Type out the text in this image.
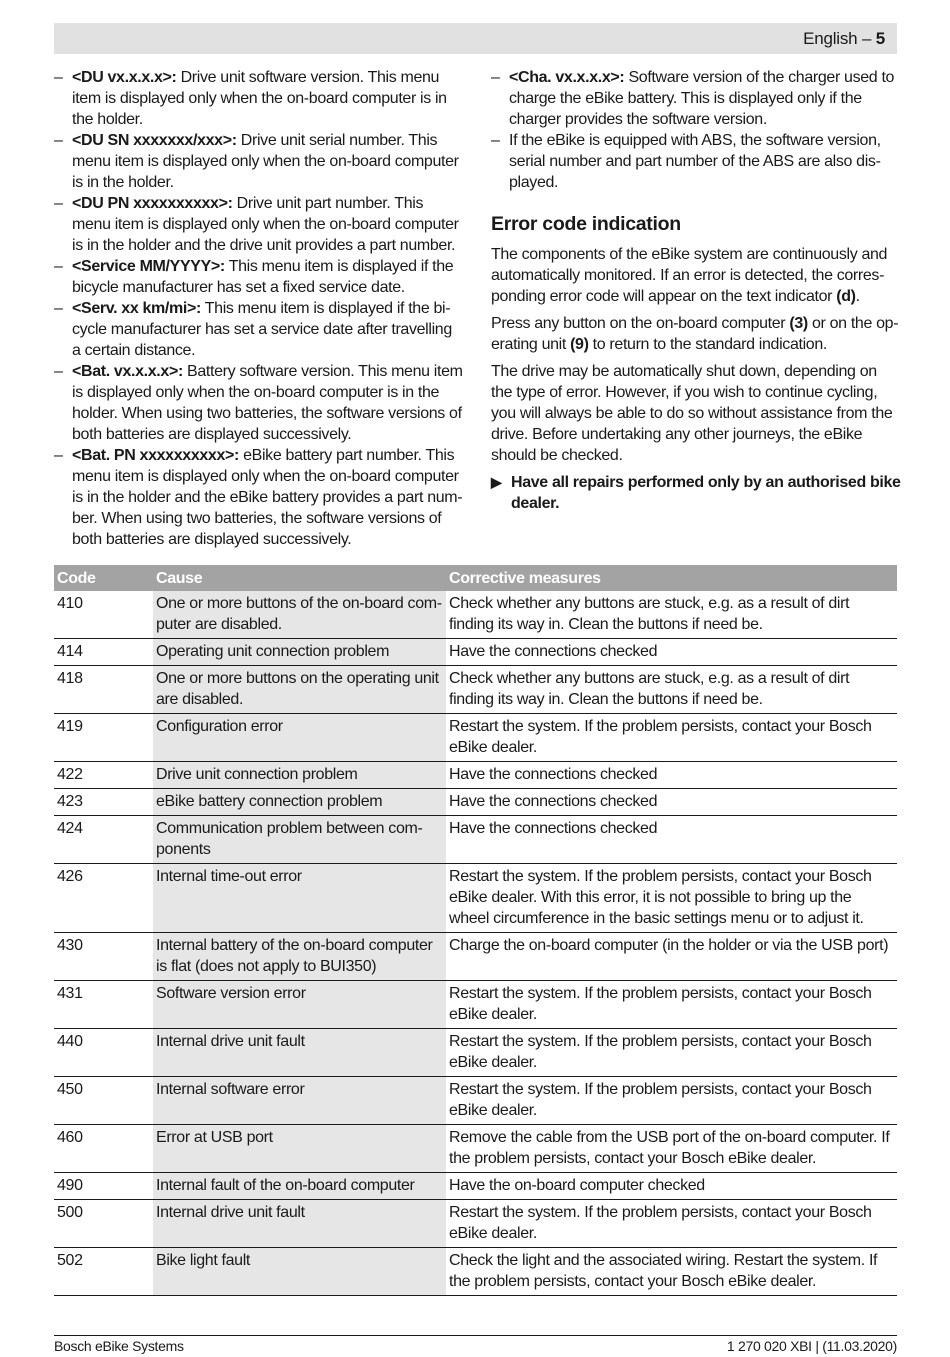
English – 5
– <DU vx.x.x.x>: Drive unit software version. This menu item is displayed only when the on-board computer is in the holder.
– <DU SN xxxxxxx/xxx>: Drive unit serial number. This menu item is displayed only when the on-board computer is in the holder.
– <DU PN xxxxxxxxxx>: Drive unit part number. This menu item is displayed only when the on-board computer is in the holder and the drive unit provides a part number.
– <Service MM/YYYY>: This menu item is displayed if the bicycle manufacturer has set a fixed service date.
– <Serv. xx km/mi>: This menu item is displayed if the bicycle manufacturer has set a service date after travelling a certain distance.
– <Bat. vx.x.x.x>: Battery software version. This menu item is displayed only when the on-board computer is in the holder. When using two batteries, the software versions of both batteries are displayed successively.
– <Bat. PN xxxxxxxxxx>: eBike battery part number. This menu item is displayed only when the on-board computer is in the holder and the eBike battery provides a part number. When using two batteries, the software versions of both batteries are displayed successively.
– <Cha. vx.x.x.x>: Software version of the charger used to charge the eBike battery. This is displayed only if the charger provides the software version.
– If the eBike is equipped with ABS, the software version, serial number and part number of the ABS are also displayed.
Error code indication

The components of the eBike system are continuously and automatically monitored. If an error is detected, the corresponding error code will appear on the text indicator (d).

Press any button on the on-board computer (3) or on the operating unit (9) to return to the standard indication.

The drive may be automatically shut down, depending on the type of error. However, if you wish to continue cycling, you will always be able to do so without assistance from the drive. Before undertaking any other journeys, the eBike should be checked.

▶ Have all repairs performed only by an authorised bike dealer.
Code	Cause	Corrective measures
410	One or more buttons of the on-board computer are disabled.	Check whether any buttons are stuck, e.g. as a result of dirt finding its way in. Clean the buttons if need be.
414	Operating unit connection problem	Have the connections checked
418	One or more buttons on the operating unit are disabled.	Check whether any buttons are stuck, e.g. as a result of dirt finding its way in. Clean the buttons if need be.
419	Configuration error	Restart the system. If the problem persists, contact your Bosch eBike dealer.
422	Drive unit connection problem	Have the connections checked
423	eBike battery connection problem	Have the connections checked
424	Communication problem between components	Have the connections checked
426	Internal time-out error	Restart the system. If the problem persists, contact your Bosch eBike dealer. With this error, it is not possible to bring up the wheel circumference in the basic settings menu or to adjust it.
430	Internal battery of the on-board computer is flat (does not apply to BUI350)	Charge the on-board computer (in the holder or via the USB port)
431	Software version error	Restart the system. If the problem persists, contact your Bosch eBike dealer.
440	Internal drive unit fault	Restart the system. If the problem persists, contact your Bosch eBike dealer.
450	Internal software error	Restart the system. If the problem persists, contact your Bosch eBike dealer.
460	Error at USB port	Remove the cable from the USB port of the on-board computer. If the problem persists, contact your Bosch eBike dealer.
490	Internal fault of the on-board computer	Have the on-board computer checked
500	Internal drive unit fault	Restart the system. If the problem persists, contact your Bosch eBike dealer.
502	Bike light fault	Check the light and the associated wiring. Restart the system. If the problem persists, contact your Bosch eBike dealer.
Bosch eBike Systems	1 270 020 XBI | (11.03.2020)
